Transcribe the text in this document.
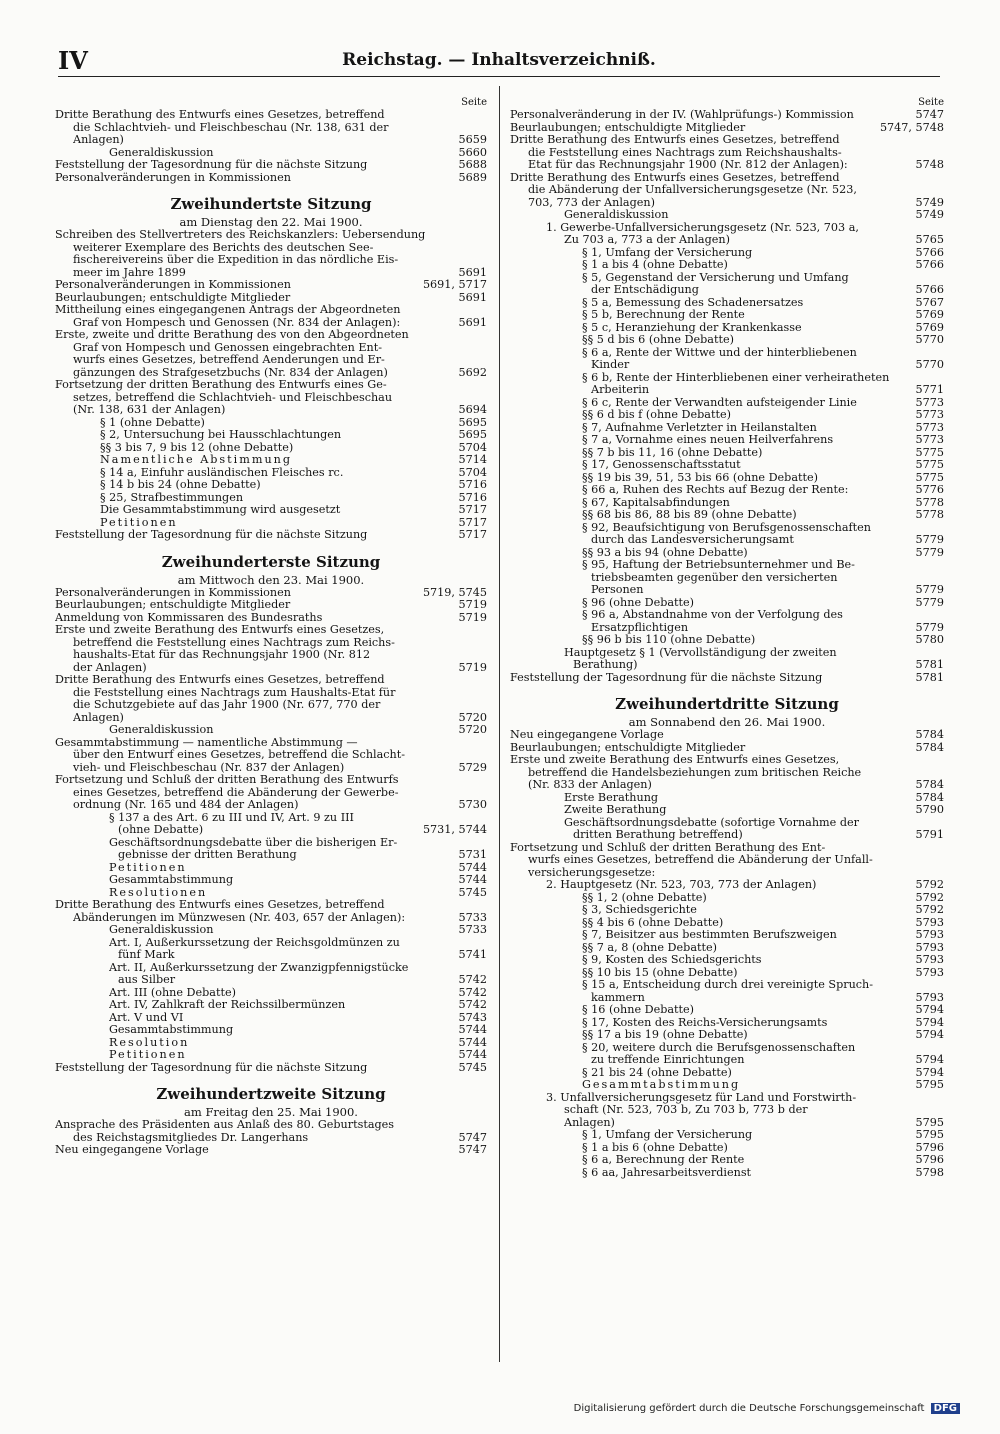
IV	Reichstag. — Inhaltsverzeichniß.
Seite
Dritte Berathung des Entwurfs eines Gesetzes, betreffend
die Schlachtvieh- und Fleischbeschau (Nr. 138, 631 der
Anlagen)	5659
Generaldiskussion	5660
Feststellung der Tagesordnung für die nächste Sitzung	5688
Personalveränderungen in Kommissionen	5689
Zweihundertste Sitzung
am Dienstag den 22. Mai 1900.
Schreiben des Stellvertreters des Reichskanzlers: Uebersendung
weiterer Exemplare des Berichts des deutschen See-
fischereivereins über die Expedition in das nördliche Eis-
meer im Jahre 1899	5691
Personalveränderungen in Kommissionen	5691, 5717
Beurlaubungen; entschuldigte Mitglieder	5691
Mittheilung eines eingegangenen Antrags der Abgeordneten
Graf von Hompesch und Genossen (Nr. 834 der Anlagen):	5691
Erste, zweite und dritte Berathung des von den Abgeordneten
Graf von Hompesch und Genossen eingebrachten Ent-
wurfs eines Gesetzes, betreffend Aenderungen und Er-
gänzungen des Strafgesetzbuchs (Nr. 834 der Anlagen)	5692
Fortsetzung der dritten Berathung des Entwurfs eines Ge-
setzes, betreffend die Schlachtvieh- und Fleischbeschau
(Nr. 138, 631 der Anlagen)	5694
§ 1 (ohne Debatte)	5695
§ 2, Untersuchung bei Hausschlachtungen	5695
§§ 3 bis 7, 9 bis 12 (ohne Debatte)	5704
Namentliche Abstimmung	5714
§ 14 a, Einfuhr ausländischen Fleisches rc.	5704
§ 14 b bis 24 (ohne Debatte)	5716
§ 25, Strafbestimmungen	5716
Die Gesammtabstimmung wird ausgesetzt	5717
Petitionen	5717
Feststellung der Tagesordnung für die nächste Sitzung	5717
Zweihunderterste Sitzung
am Mittwoch den 23. Mai 1900.
Personalveränderungen in Kommissionen	5719, 5745
Beurlaubungen; entschuldigte Mitglieder	5719
Anmeldung von Kommissaren des Bundesraths	5719
Erste und zweite Berathung des Entwurfs eines Gesetzes,
betreffend die Feststellung eines Nachtrags zum Reichs-
haushalts-Etat für das Rechnungsjahr 1900 (Nr. 812
der Anlagen)	5719
Dritte Berathung des Entwurfs eines Gesetzes, betreffend
die Feststellung eines Nachtrags zum Haushalts-Etat für
die Schutzgebiete auf das Jahr 1900 (Nr. 677, 770 der
Anlagen)	5720
Generaldiskussion	5720
Gesammtabstimmung — namentliche Abstimmung —
über den Entwurf eines Gesetzes, betreffend die Schlacht-
vieh- und Fleischbeschau (Nr. 837 der Anlagen)	5729
Fortsetzung und Schluß der dritten Berathung des Entwurfs
eines Gesetzes, betreffend die Abänderung der Gewerbe-
ordnung (Nr. 165 und 484 der Anlagen)	5730
§ 137 a des Art. 6 zu III und IV, Art. 9 zu III
(ohne Debatte)	5731, 5744
Geschäftsordnungsdebatte über die bisherigen Er-
gebnisse der dritten Berathung	5731
Petitionen	5744
Gesammtabstimmung	5744
Resolutionen	5745
Dritte Berathung des Entwurfs eines Gesetzes, betreffend
Abänderungen im Münzwesen (Nr. 403, 657 der Anlagen):	5733
Generaldiskussion	5733
Art. I, Außerkurssetzung der Reichsgoldmünzen zu
fünf Mark	5741
Art. II, Außerkurssetzung der Zwanzigpfennigstücke
aus Silber	5742
Art. III (ohne Debatte)	5742
Art. IV, Zahlkraft der Reichssilbermünzen	5742
Art. V und VI	5743
Gesammtabstimmung	5744
Resolution	5744
Petitionen	5744
Feststellung der Tagesordnung für die nächste Sitzung	5745
Zweihundertzweite Sitzung
am Freitag den 25. Mai 1900.
Ansprache des Präsidenten aus Anlaß des 80. Geburtstages
des Reichstagsmitgliedes Dr. Langerhans	5747
Neu eingegangene Vorlage	5747
Seite
Personalveränderung in der IV. (Wahlprüfungs-) Kommission	5747
Beurlaubungen; entschuldigte Mitglieder	5747, 5748
Dritte Berathung des Entwurfs eines Gesetzes, betreffend
die Feststellung eines Nachtrags zum Reichshaushalts-
Etat für das Rechnungsjahr 1900 (Nr. 812 der Anlagen):	5748
Dritte Berathung des Entwurfs eines Gesetzes, betreffend
die Abänderung der Unfallversicherungsgesetze (Nr. 523,
703, 773 der Anlagen)	5749
Generaldiskussion	5749
1. Gewerbe-Unfallversicherungsgesetz (Nr. 523, 703 a,
Zu 703 a, 773 a der Anlagen)	5765
§ 1, Umfang der Versicherung	5766
§ 1 a bis 4 (ohne Debatte)	5766
§ 5, Gegenstand der Versicherung und Umfang
der Entschädigung	5766
§ 5 a, Bemessung des Schadenersatzes	5767
§ 5 b, Berechnung der Rente	5769
§ 5 c, Heranziehung der Krankenkasse	5769
§§ 5 d bis 6 (ohne Debatte)	5770
§ 6 a, Rente der Wittwe und der hinterbliebenen
Kinder	5770
§ 6 b, Rente der Hinterbliebenen einer verheiratheten
Arbeiterin	5771
§ 6 c, Rente der Verwandten aufsteigender Linie	5773
§§ 6 d bis f (ohne Debatte)	5773
§ 7, Aufnahme Verletzter in Heilanstalten	5773
§ 7 a, Vornahme eines neuen Heilverfahrens	5773
§§ 7 b bis 11, 16 (ohne Debatte)	5775
§ 17, Genossenschaftsstatut	5775
§§ 19 bis 39, 51, 53 bis 66 (ohne Debatte)	5775
§ 66 a, Ruhen des Rechts auf Bezug der Rente:	5776
§ 67, Kapitalsabfindungen	5778
§§ 68 bis 86, 88 bis 89 (ohne Debatte)	5778
§ 92, Beaufsichtigung von Berufsgenossenschaften
durch das Landesversicherungsamt	5779
§§ 93 a bis 94 (ohne Debatte)	5779
§ 95, Haftung der Betriebsunternehmer und Be-
triebsbeamten gegenüber den versicherten
Personen	5779
§ 96 (ohne Debatte)	5779
§ 96 a, Abstandnahme von der Verfolgung des
Ersatzpflichtigen	5779
§§ 96 b bis 110 (ohne Debatte)	5780
Hauptgesetz § 1 (Vervollständigung der zweiten
Berathung)	5781
Feststellung der Tagesordnung für die nächste Sitzung	5781
Zweihundertdritte Sitzung
am Sonnabend den 26. Mai 1900.
Neu eingegangene Vorlage	5784
Beurlaubungen; entschuldigte Mitglieder	5784
Erste und zweite Berathung des Entwurfs eines Gesetzes,
betreffend die Handelsbeziehungen zum britischen Reiche
(Nr. 833 der Anlagen)	5784
Erste Berathung	5784
Zweite Berathung	5790
Geschäftsordnungsdebatte (sofortige Vornahme der
dritten Berathung betreffend)	5791
Fortsetzung und Schluß der dritten Berathung des Ent-
wurfs eines Gesetzes, betreffend die Abänderung der Unfall-
versicherungsgesetze:
2. Hauptgesetz (Nr. 523, 703, 773 der Anlagen)	5792
§§ 1, 2 (ohne Debatte)	5792
§ 3, Schiedsgerichte	5792
§§ 4 bis 6 (ohne Debatte)	5793
§ 7, Beisitzer aus bestimmten Berufszweigen	5793
§§ 7 a, 8 (ohne Debatte)	5793
§ 9, Kosten des Schiedsgerichts	5793
§§ 10 bis 15 (ohne Debatte)	5793
§ 15 a, Entscheidung durch drei vereinigte Spruch-
kammern	5793
§ 16 (ohne Debatte)	5794
§ 17, Kosten des Reichs-Versicherungsamts	5794
§§ 17 a bis 19 (ohne Debatte)	5794
§ 20, weitere durch die Berufsgenossenschaften
zu treffende Einrichtungen	5794
§ 21 bis 24 (ohne Debatte)	5794
Gesammtabstimmung	5795
3. Unfallversicherungsgesetz für Land und Forstwirth-
schaft (Nr. 523, 703 b, Zu 703 b, 773 b der
Anlagen)	5795
§ 1, Umfang der Versicherung	5795
§ 1 a bis 6 (ohne Debatte)	5796
§ 6 a, Berechnung der Rente	5796
§ 6 aa, Jahresarbeitsverdienst	5798
Digitalisierung gefördert durch die Deutsche Forschungsgemeinschaft DFG
